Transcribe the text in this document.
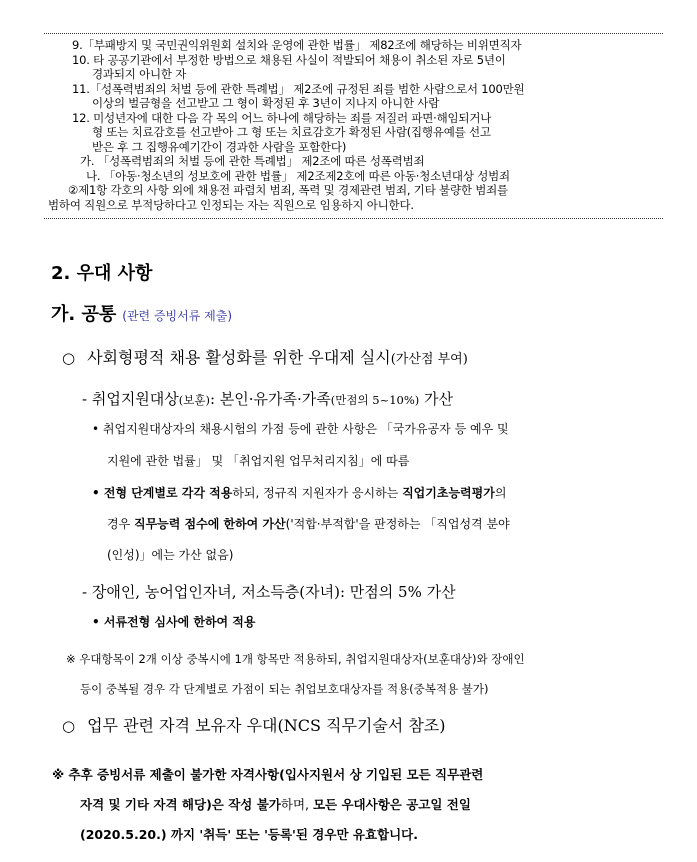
9.「부패방지 및 국민권익위원회 설치와 운영에 관한 법률」 제82조에 해당하는 비위면직자
10. 타 공공기관에서 부정한 방법으로 채용된 사실이 적발되어 채용이 취소된 자로 5년이
경과되지 아니한 자
11.「성폭력범죄의 처벌 등에 관한 특례법」 제2조에 규정된 죄를 범한 사람으로서 100만원
이상의 벌금형을 선고받고 그 형이 확정된 후 3년이 지나지 아니한 사람
12. 미성년자에 대한 다음 각 목의 어느 하나에 해당하는 죄를 저질러 파면·해임되거나
형 또는 치료감호를 선고받아 그 형 또는 치료감호가 확정된 사람(집행유예를 선고
받은 후 그 집행유예기간이 경과한 사람을 포함한다)
가. 「성폭력범죄의 처벌 등에 관한 특례법」 제2조에 따른 성폭력범죄
나. 「아동·청소년의 성보호에 관한 법률」 제2조제2호에 따른 아동·청소년대상 성범죄
②제1항 각호의 사항 외에 채용전 파렴치 범죄, 폭력 및 경제관련 범죄, 기타 불량한 범죄를
범하여 직원으로 부적당하다고 인정되는 자는 직원으로 임용하지 아니한다.
2. 우대 사항
가. 공통 (관련 증빙서류 제출)
○ 사회형평적 채용 활성화를 위한 우대제 실시(가산점 부여)
- 취업지원대상(보훈): 본인·유가족·가족(만점의 5~10%) 가산
• 취업지원대상자의 채용시험의 가점 등에 관한 사항은 「국가유공자 등 예우 및
지원에 관한 법률」 및 「취업지원 업무처리지침」에 따름
• 전형 단계별로 각각 적용하되, 정규직 지원자가 응시하는 직업기초능력평가의
경우 직무능력 점수에 한하여 가산('적합·부적합'을 판정하는 「직업성격 분야
(인성)」에는 가산 없음)
- 장애인, 농어업인자녀, 저소득층(자녀): 만점의 5% 가산
• 서류전형 심사에 한하여 적용
※ 우대항목이 2개 이상 중복시에 1개 항목만 적용하되, 취업지원대상자(보훈대상)와 장애인
등이 중복될 경우 각 단계별로 가점이 되는 취업보호대상자를 적용(중복적용 불가)
○ 업무 관련 자격 보유자 우대(NCS 직무기술서 참조)
※ 추후 증빙서류 제출이 불가한 자격사항(입사지원서 상 기입된 모든 직무관련
자격 및 기타 자격 해당)은 작성 불가하며, 모든 우대사항은 공고일 전일
(2020.5.20.) 까지 '취득' 또는 '등록'된 경우만 유효합니다.
